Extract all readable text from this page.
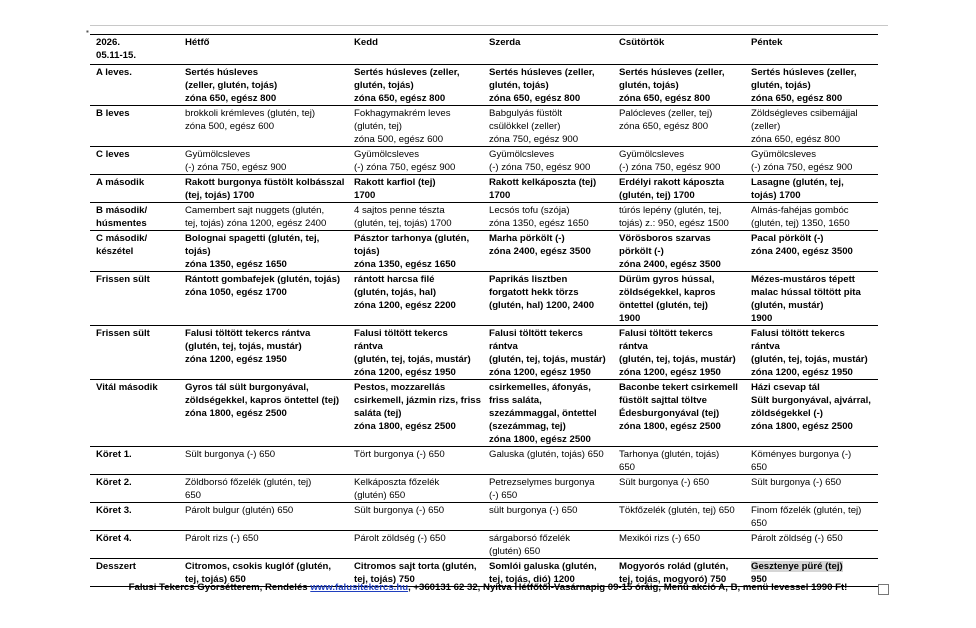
▪
2026.
05.11-15.	Hétfő	Kedd	Szerda	Csütörtök	Péntek
A leves.	Sertés húsleves
(zeller, glutén, tojás)
zóna 650, egész 800	Sertés húsleves (zeller,
glutén, tojás)
zóna 650, egész 800	Sertés húsleves (zeller,
glutén, tojás)
zóna 650, egész 800	Sertés húsleves (zeller,
glutén, tojás)
zóna 650, egész 800	Sertés húsleves (zeller,
glutén, tojás)
zóna 650, egész 800
B leves	brokkoli krémleves (glutén, tej)
zóna 500, egész 600	Fokhagymakrém leves
(glutén, tej)
zóna 500, egész 600	Babgulyás füstölt
csülökkel (zeller)
zóna 750, egész 900	Palócleves (zeller, tej)
zóna 650, egész 800	Zöldségleves csibemájjal
(zeller)
zóna 650, egész 800
C leves	Gyümölcsleves
(-) zóna 750, egész 900	Gyümölcsleves
(-) zóna 750, egész 900	Gyümölcsleves
(-) zóna 750, egész 900	Gyümölcsleves
(-) zóna 750, egész 900	Gyümölcsleves
(-) zóna 750, egész 900
A második	Rakott burgonya füstölt kolbásszal
(tej, tojás) 1700	Rakott karfiol (tej)
1700	Rakott kelkáposzta (tej)
1700	Erdélyi rakott káposzta
(glutén, tej) 1700	Lasagne (glutén, tej,
tojás) 1700
B második/
húsmentes	Camembert sajt nuggets (glutén,
tej, tojás) zóna 1200, egész 2400	4 sajtos penne tészta
(glutén, tej, tojás) 1700	Lecsós tofu (szója)
zóna 1350, egész 1650	túrós lepény (glutén, tej,
tojás) z.: 950, egész 1500	Almás-fahéjas gombóc
(glutén, tej) 1350, 1650
C második/
készétel	Bolognai spagetti (glutén, tej,
tojás)
zóna 1350, egész 1650	Pásztor tarhonya (glutén,
tojás)
zóna 1350, egész 1650	Marha pörkölt (-)
zóna 2400, egész 3500	Vörösboros szarvas
pörkölt (-)
zóna 2400, egész 3500	Pacal pörkölt (-)
zóna 2400, egész 3500
Frissen sült	Rántott gombafejek (glutén, tojás)
zóna 1050, egész 1700	rántott harcsa filé
(glutén, tojás, hal)
zóna 1200, egész 2200	Paprikás lisztben
forgatott hekk törzs
(glutén, hal) 1200, 2400	Dürüm gyros hússal,
zöldségekkel, kapros
öntettel (glutén, tej)
1900	Mézes-mustáros tépett
malac hússal töltött pita
(glutén, mustár)
1900
Frissen sült	Falusi töltött tekercs rántva
(glutén, tej, tojás, mustár)
zóna 1200, egész 1950	Falusi töltött tekercs
rántva
(glutén, tej, tojás, mustár)
zóna 1200, egész 1950	Falusi töltött tekercs
rántva
(glutén, tej, tojás, mustár)
zóna 1200, egész 1950	Falusi töltött tekercs
rántva
(glutén, tej, tojás, mustár)
zóna 1200, egész 1950	Falusi töltött tekercs
rántva
(glutén, tej, tojás, mustár)
zóna 1200, egész 1950
Vitál második	Gyros tál sült burgonyával,
zöldségekkel, kapros öntettel (tej)
zóna 1800, egész 2500	Pestos, mozzarellás
csirkemell, jázmin rizs, friss
saláta (tej)
zóna 1800, egész 2500	csirkemelles, áfonyás,
friss saláta,
szezámmaggal, öntettel
(szezámmag, tej)
zóna 1800, egész 2500	Baconbe tekert csirkemell
füstölt sajttal töltve
Édesburgonyával (tej)
zóna 1800, egész 2500	Házi csevap tál
Sült burgonyával, ajvárral,
zöldségekkel (-)
zóna 1800, egész 2500
Köret 1.	Sült burgonya (-) 650	Tört burgonya (-) 650	Galuska (glutén, tojás) 650	Tarhonya (glutén, tojás)
650	Köményes burgonya (-)
650
Köret 2.	Zöldborsó főzelék (glutén, tej)
650	Kelkáposzta főzelék
(glutén) 650	Petrezselymes burgonya
(-) 650	Sült burgonya (-) 650	Sült burgonya (-) 650
Köret 3.	Párolt bulgur (glutén) 650	Sült burgonya (-) 650	sült burgonya (-) 650	Tökfőzelék (glutén, tej) 650	Finom főzelék (glutén, tej)
650
Köret 4.	Párolt rizs (-) 650	Párolt zöldség (-) 650	sárgaborsó főzelék
(glutén) 650	Mexikói rizs (-) 650	Párolt zöldség (-) 650
Desszert	Citromos, csokis kuglóf (glutén,
tej, tojás) 650	Citromos sajt torta (glutén,
tej, tojás) 750	Somlói galuska (glutén,
tej, tojás, dió) 1200	Mogyorós rolád (glutén,
tej, tojás, mogyoró) 750	Gesztenye püré (tej)
950
Falusi Tekercs Gyorsétterem, Rendelés www.falusitekercs.hu, +360131 62 32, Nyitva Hétfőtől-Vasárnapig 09-15 óráig, Menü akció A, B, menü levessel 1990 Ft!
